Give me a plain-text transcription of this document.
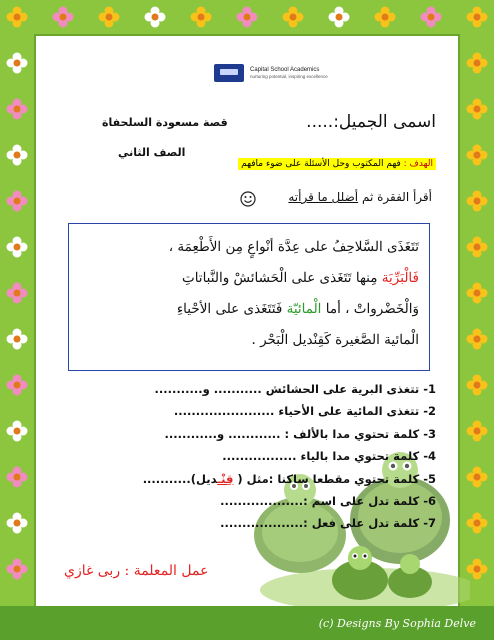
(c) Designs By Sophia Delve
Capital School Academics
nurturing potential, inspiring excellence
اسمى الجميل:.....
قصة مسعودة السلحفاة
الصف الثاني
الهدف : فهم المكتوب وحل الأسئلة على ضوء مافهم
أقرأ الفقرة ثم أضلل ما قرأته
تَتَغَذَى السَّلاحِفُ على عِدَّة أنْواعٍ مِن الأَطْعِمَة ،
فَالْبَرِّيَة مِنها تَتَغَذى على الْحَشائشْ والنَّباتاتِ
وَالْخَضْرواتْ ، أما الْمائيّة فَتَتَغَذى على الأحْياءِ
الْمائية الصَّغيرة كَقِنْديل الْبَحْر .
1- تتغذى البرية على الحشائش ........... و...........
2- تتغذى المائية على الأحياء .......................
3- كلمة تحتوي مدا بالألف : ............ و............
4- كلمة تحتوي مدا بالياء .................
5- كلمة تحتوي مقطعا ساكنا :مثل ( قِنْـديل)...........
6- كلمة تدل على اسم :...................
7- كلمة تدل على فعل :...................
عمل المعلمة : ربى غازي
